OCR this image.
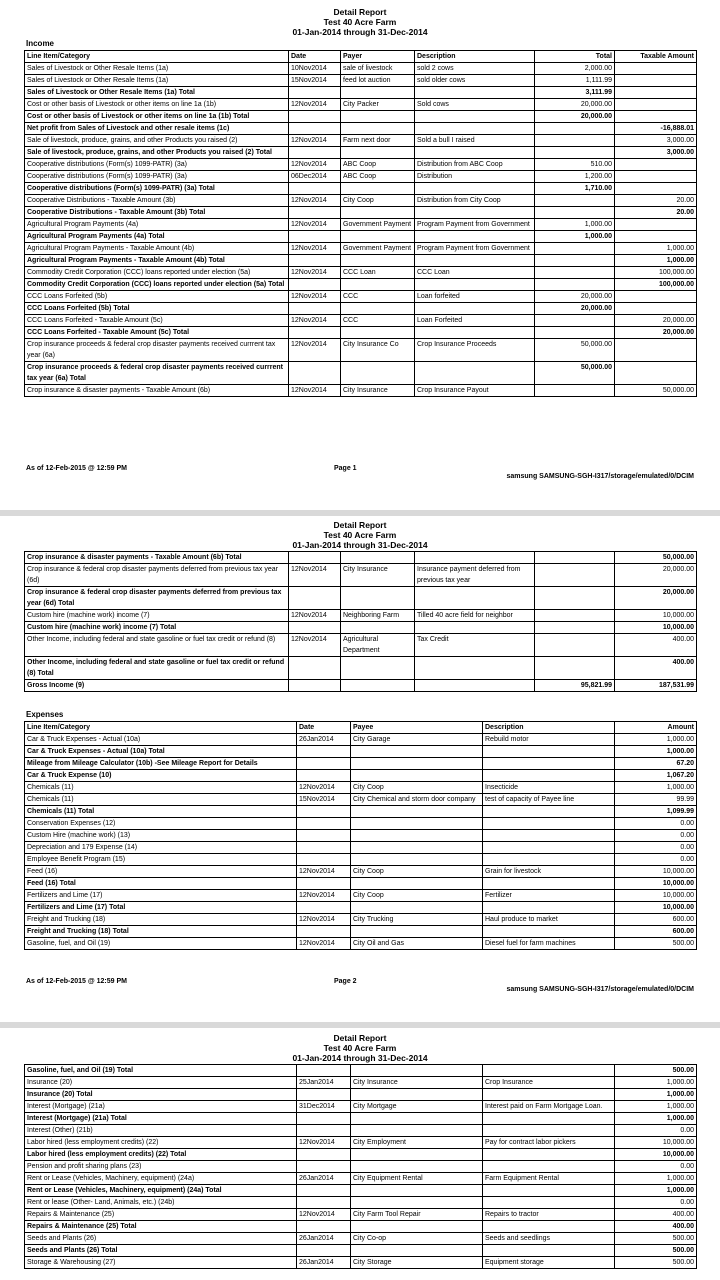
Detail Report
Test 40 Acre Farm
01-Jan-2014 through 31-Dec-2014
Income
Line Item/Category	Date	Payer	Description	Total	Taxable Amount
Sales of Livestock or Other Resale Items (1a)	10Nov2014	sale of livestock	sold 2 cows	2,000.00	
Sales of Livestock or Other Resale Items (1a)	15Nov2014	feed lot auction	sold older cows	1,111.99	
Sales of Livestock or Other Resale Items (1a) Total				3,111.99	
Cost or other basis of Livestock or other items on line 1a (1b)	12Nov2014	City Packer	Sold cows	20,000.00	
Cost or other basis of Livestock or other items on line 1a (1b) Total				20,000.00	
Net profit from Sales of Livestock and other resale items (1c)					-16,888.01
Sale of livestock, produce, grains, and other Products you raised (2)	12Nov2014	Farm next door	Sold a bull I raised		3,000.00
Sale of livestock, produce, grains, and other Products you raised (2) Total					3,000.00
Cooperative distributions (Form(s) 1099-PATR) (3a)	12Nov2014	ABC Coop	Distribution from ABC Coop	510.00	
Cooperative distributions (Form(s) 1099-PATR) (3a)	06Dec2014	ABC Coop	Distribution	1,200.00	
Cooperative distributions (Form(s) 1099-PATR) (3a) Total				1,710.00	
Cooperative Distributions - Taxable Amount (3b)	12Nov2014	City Coop	Distribution from City Coop		20.00
Cooperative Distributions - Taxable Amount (3b) Total					20.00
Agricultural Program Payments (4a)	12Nov2014	Government Payment	Program Payment from Government	1,000.00	
Agricultural Program Payments (4a) Total				1,000.00	
Agricultural Program Payments - Taxable Amount (4b)	12Nov2014	Government Payment	Program Payment from Government		1,000.00
Agricultural Program Payments - Taxable Amount (4b) Total					1,000.00
Commodity Credit Corporation (CCC) loans reported under election (5a)	12Nov2014	CCC Loan	CCC Loan		100,000.00
Commodity Credit Corporation (CCC) loans reported under election (5a) Total					100,000.00
CCC Loans Forfeited (5b)	12Nov2014	CCC	Loan forfeited	20,000.00	
CCC Loans Forfeited (5b) Total				20,000.00	
CCC Loans Forfeited - Taxable Amount (5c)	12Nov2014	CCC	Loan Forfeited		20,000.00
CCC Loans Forfeited - Taxable Amount (5c) Total					20,000.00
Crop insurance proceeds & federal crop disaster payments received currrent tax year (6a)	12Nov2014	City Insurance Co	Crop Insurance Proceeds	50,000.00	
Crop insurance proceeds & federal crop disaster payments received currrent tax year (6a) Total				50,000.00	
Crop insurance & disaster payments - Taxable Amount (6b)	12Nov2014	City Insurance	Crop Insurance Payout		50,000.00
As of 12-Feb-2015 @ 12:59 PM	Page 1
samsung SAMSUNG-SGH-I317/storage/emulated/0/DCIM
Detail Report
Test 40 Acre Farm
01-Jan-2014 through 31-Dec-2014
Crop insurance & disaster payments - Taxable Amount (6b) Total					50,000.00
Crop insurance & federal crop disaster payments deferred from previous tax year (6d)	12Nov2014	City Insurance	Insurance payment deferred from previous tax year		20,000.00
Crop insurance & federal crop disaster payments deferred from previous tax year (6d) Total					20,000.00
Custom hire (machine work) income (7)	12Nov2014	Neighboring Farm	Tilled 40 acre field for neighbor		10,000.00
Custom hire (machine work) income (7) Total					10,000.00
Other Income, including federal and state gasoline or fuel tax credit or refund (8)	12Nov2014	Agricultural Department	Tax Credit		400.00
Other Income, including federal and state gasoline or fuel tax credit or refund (8) Total					400.00
Gross Income (9)				95,821.99	187,531.99
Expenses
Line Item/Category	Date	Payee	Description	Amount
Car & Truck Expenses - Actual (10a)	26Jan2014	City Garage	Rebuild motor	1,000.00
Car & Truck Expenses - Actual (10a) Total				1,000.00
Mileage from Mileage Calculator (10b) -See Mileage Report for Details				67.20
Car & Truck Expense (10)				1,067.20
Chemicals (11)	12Nov2014	City Coop	Insecticide	1,000.00
Chemicals (11)	15Nov2014	City Chemical and storm door company	test of capacity of Payee line	99.99
Chemicals (11) Total				1,099.99
Conservation Expenses (12)				0.00
Custom Hire (machine work) (13)				0.00
Depreciation and 179 Expense (14)				0.00
Employee Benefit Program (15)				0.00
Feed (16)	12Nov2014	City Coop	Grain for livestock	10,000.00
Feed (16) Total				10,000.00
Fertilizers and Lime (17)	12Nov2014	City Coop	Fertilizer	10,000.00
Fertilizers and Lime (17) Total				10,000.00
Freight and Trucking (18)	12Nov2014	City Trucking	Haul produce to market	600.00
Freight and Trucking (18) Total				600.00
Gasoline, fuel, and Oil (19)	12Nov2014	City Oil and Gas	Diesel fuel for farm machines	500.00
As of 12-Feb-2015 @ 12:59 PM	Page 2
samsung SAMSUNG-SGH-I317/storage/emulated/0/DCIM
Detail Report
Test 40 Acre Farm
01-Jan-2014 through 31-Dec-2014
Gasoline, fuel, and Oil (19) Total				500.00
Insurance (20)	25Jan2014	City Insurance	Crop Insurance	1,000.00
Insurance (20) Total				1,000.00
Interest (Mortgage) (21a)	31Dec2014	City Mortgage	Interest paid on Farm Mortgage Loan.	1,000.00
Interest (Mortgage) (21a) Total				1,000.00
Interest (Other) (21b)				0.00
Labor hired (less employment credits) (22)	12Nov2014	City Employment	Pay for contract labor pickers	10,000.00
Labor hired (less employment credits) (22) Total				10,000.00
Pension and profit sharing plans (23)				0.00
Rent or Lease (Vehicles, Machinery, equipment) (24a)	26Jan2014	City Equipment Rental	Farm Equipment Rental	1,000.00
Rent or Lease (Vehicles, Machinery, equipment) (24a) Total				1,000.00
Rent or lease (Other- Land, Animals, etc.) (24b)				0.00
Repairs & Maintenance (25)	12Nov2014	City Farm Tool Repair	Repairs to tractor	400.00
Repairs & Maintenance (25) Total				400.00
Seeds and Plants (26)	26Jan2014	City Co-op	Seeds and seedlings	500.00
Seeds and Plants (26) Total				500.00
Storage & Warehousing (27)	26Jan2014	City Storage	Equipment storage	500.00
